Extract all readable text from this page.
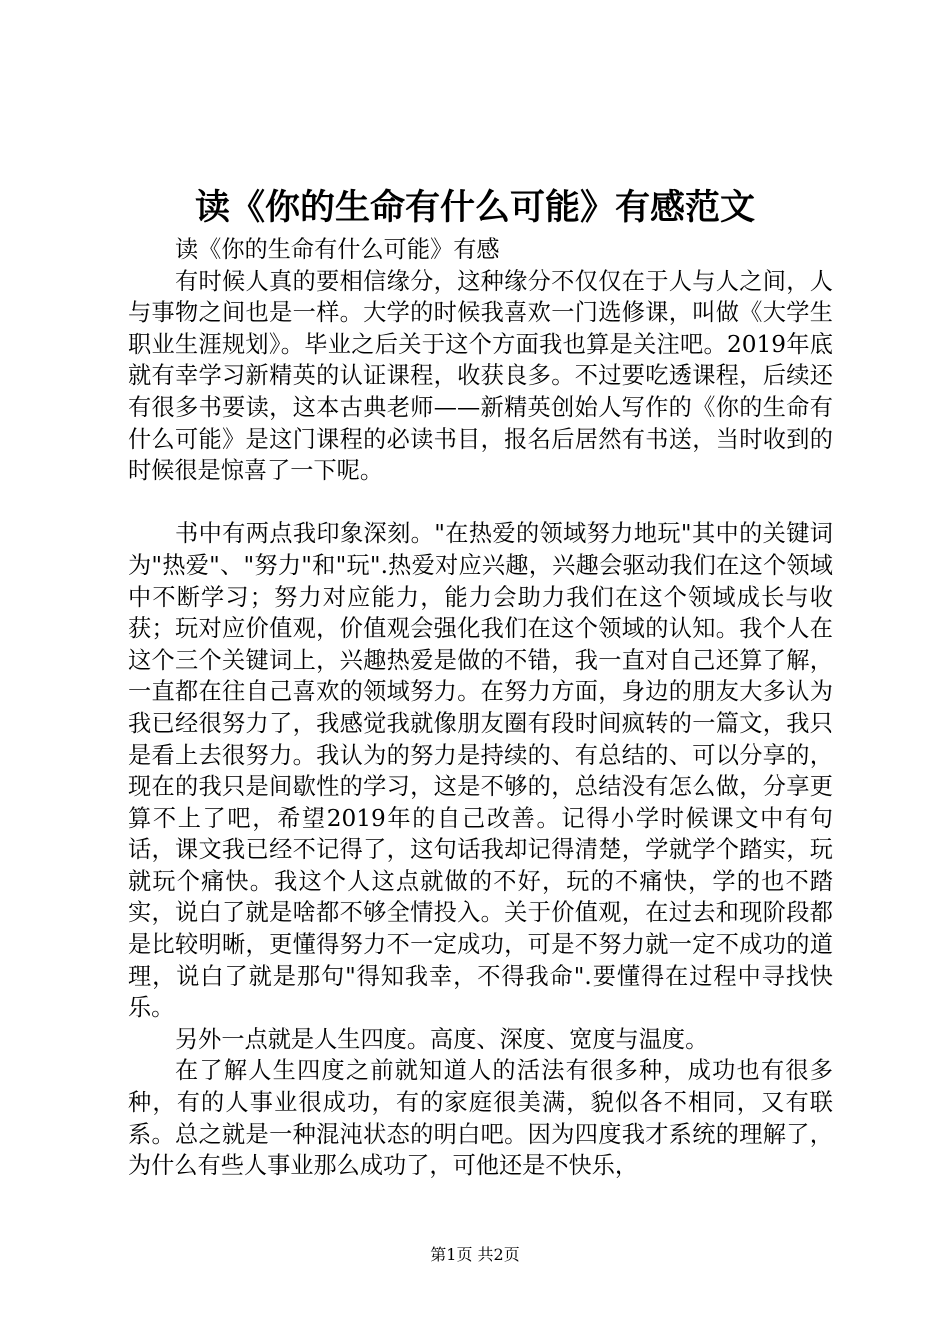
读《你的生命有什么可能》有感范文

读《你的生命有什么可能》有感

有时候人真的要相信缘分，这种缘分不仅仅在于人与人之间，人与事物之间也是一样。大学的时候我喜欢一门选修课，叫做《大学生职业生涯规划》。毕业之后关于这个方面我也算是关注吧。2019年底就有幸学习新精英的认证课程，收获良多。不过要吃透课程，后续还有很多书要读，这本古典老师——新精英创始人写作的《你的生命有什么可能》是这门课程的必读书目，报名后居然有书送，当时收到的时候很是惊喜了一下呢。

书中有两点我印象深刻。"在热爱的领域努力地玩"其中的关键词为"热爱"、"努力"和"玩".热爱对应兴趣，兴趣会驱动我们在这个领域中不断学习；努力对应能力，能力会助力我们在这个领域成长与收获；玩对应价值观，价值观会强化我们在这个领域的认知。我个人在这个三个关键词上，兴趣热爱是做的不错，我一直对自己还算了解，一直都在往自己喜欢的领域努力。在努力方面，身边的朋友大多认为我已经很努力了，我感觉我就像朋友圈有段时间疯转的一篇文，我只是看上去很努力。我认为的努力是持续的、有总结的、可以分享的，现在的我只是间歇性的学习，这是不够的，总结没有怎么做，分享更算不上了吧，希望2019年的自己改善。记得小学时候课文中有句话，课文我已经不记得了，这句话我却记得清楚，学就学个踏实，玩就玩个痛快。我这个人这点就做的不好，玩的不痛快，学的也不踏实，说白了就是啥都不够全情投入。关于价值观，在过去和现阶段都是比较明晰，更懂得努力不一定成功，可是不努力就一定不成功的道理，说白了就是那句"得知我幸，不得我命".要懂得在过程中寻找快乐。

另外一点就是人生四度。高度、深度、宽度与温度。

在了解人生四度之前就知道人的活法有很多种，成功也有很多种，有的人事业很成功，有的家庭很美满，貌似各不相同，又有联系。总之就是一种混沌状态的明白吧。因为四度我才系统的理解了，为什么有些人事业那么成功了，可他还是不快乐，

第1页 共2页
